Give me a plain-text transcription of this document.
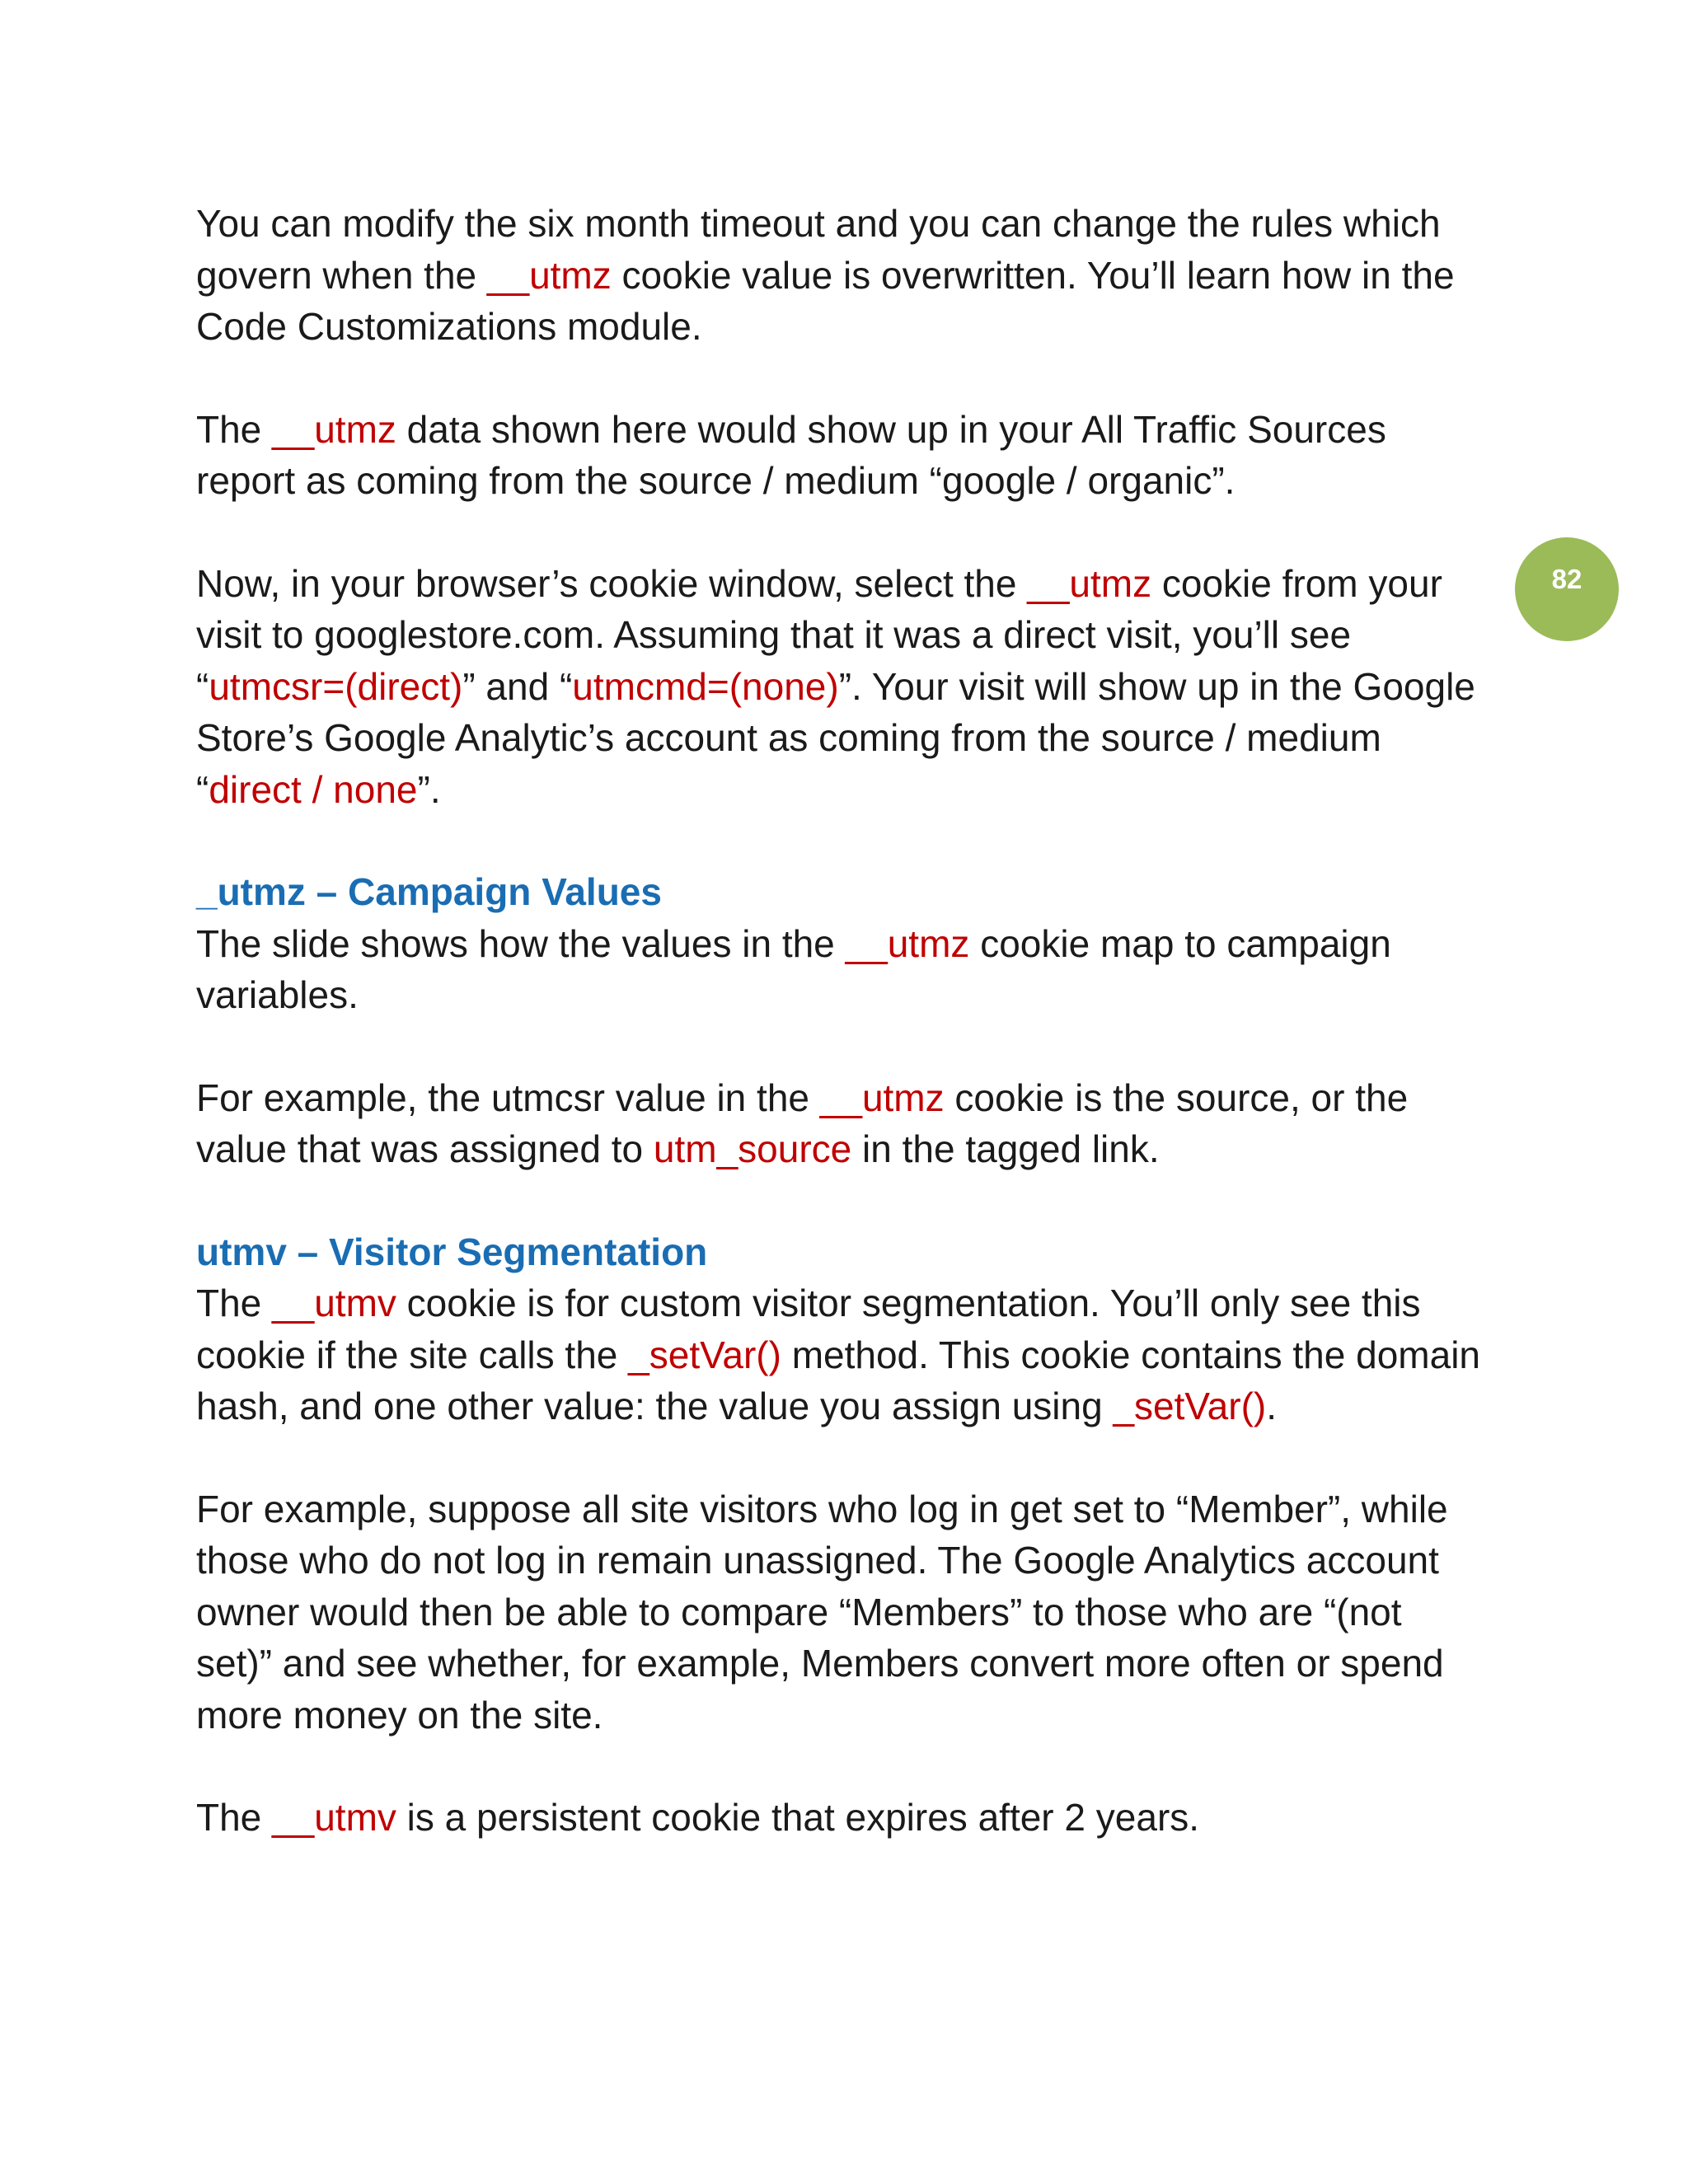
82

You can modify the six month timeout and you can change the rules which govern when the __utmz cookie value is overwritten. You’ll learn how in the Code Customizations module.

The __utmz data shown here would show up in your All Traffic Sources report as coming from the source / medium “google / organic”.

Now, in your browser’s cookie window, select the __utmz cookie from your visit to googlestore.com. Assuming that it was a direct visit, you’ll see “utmcsr=(direct)” and “utmcmd=(none)”. Your visit will show up in the Google Store’s Google Analytic’s account as coming from the source / medium “direct / none”.

_utmz – Campaign Values

The slide shows how the values in the __utmz cookie map to campaign variables.

For example, the utmcsr value in the __utmz cookie is the source, or the value that was assigned to utm_source in the tagged link.

utmv – Visitor Segmentation

The __utmv cookie is for custom visitor segmentation. You’ll only see this cookie if the site calls the _setVar() method. This cookie contains the domain hash, and one other value: the value you assign using _setVar().

For example, suppose all site visitors who log in get set to “Member”, while those who do not log in remain unassigned. The Google Analytics account owner would then be able to compare “Members” to those who are “(not set)” and see whether, for example, Members convert more often or spend more money on the site.

The __utmv is a persistent cookie that expires after 2 years.
